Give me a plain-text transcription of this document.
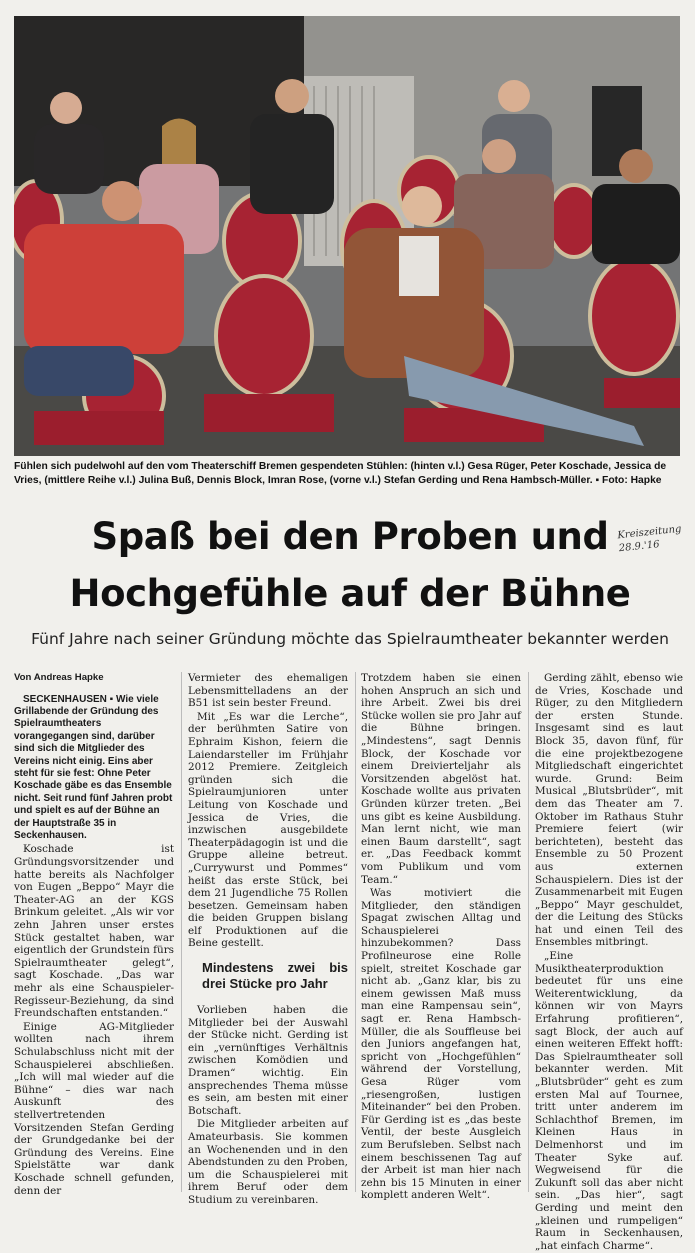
Fühlen sich pudelwohl auf den vom Theaterschiff Bremen gespendeten Stühlen: (hinten v.l.) Gesa Rüger, Peter Koschade, Jessica de Vries, (mittlere Reihe v.l.) Julina Buß, Dennis Block, Imran Rose, (vorne v.l.) Stefan Gerding und Rena Hambsch-Müller. ▪ Foto: Hapke
Spaß bei den Proben und
Hochgefühle auf der Bühne
Kreiszeitung
28.9.'16
Fünf Jahre nach seiner Gründung möchte das Spielraumtheater bekannter werden
Von Andreas Hapke

SECKENHAUSEN ▪ Wie viele Grillabende der Gründung des Spielraumtheaters vorangegangen sind, darüber sind sich die Mitglieder des Vereins nicht einig. Eins aber steht für sie fest: Ohne Peter Koschade gäbe es das Ensemble nicht. Seit rund fünf Jahren probt und spielt es auf der Bühne an der Hauptstraße 35 in Seckenhausen.

Koschade ist Gründungsvorsitzender und hatte bereits als Nachfolger von Eugen „Beppo“ Mayr die Theater-AG an der KGS Brinkum geleitet. „Als wir vor zehn Jahren unser erstes Stück gestaltet haben, war eigentlich der Grundstein fürs Spielraumtheater gelegt“, sagt Koschade. „Das war mehr als eine Schauspieler-Regisseur-Beziehung, da sind Freundschaften entstanden.“

Einige AG-Mitglieder wollten nach ihrem Schulabschluss nicht mit der Schauspielerei abschließen. „Ich will mal wieder auf die Bühne“ – dies war nach Auskunft des stellvertretenden Vorsitzenden Stefan Gerding der Grundgedanke bei der Gründung des Vereins. Eine Spielstätte war dank Koschade schnell gefunden, denn der

Vermieter des ehemaligen Lebensmittelladens an der B51 ist sein bester Freund.

Mit „Es war die Lerche“, der berühmten Satire von Ephraim Kishon, feiern die Laiendarsteller im Frühjahr 2012 Premiere. Zeitgleich gründen sich die Spielraumjunioren unter Leitung von Koschade und Jessica de Vries, die inzwischen ausgebildete Theaterpädagogin ist und die Gruppe alleine betreut. „Currywurst und Pommes“ heißt das erste Stück, bei dem 21 Jugendliche 75 Rollen besetzen. Gemeinsam haben die beiden Gruppen bislang elf Produktionen auf die Beine gestellt.

Mindestens zwei bis drei Stücke pro Jahr

Vorlieben haben die Mitglieder bei der Auswahl der Stücke nicht. Gerding ist ein „vernünftiges Verhältnis zwischen Komödien und Dramen“ wichtig. Ein ansprechendes Thema müsse es sein, am besten mit einer Botschaft.

Die Mitglieder arbeiten auf Amateurbasis. Sie kommen an Wochenenden und in den Abendstunden zu den Proben, um die Schauspielerei mit ihrem Beruf oder dem Studium zu vereinbaren.

Trotzdem haben sie einen hohen Anspruch an sich und ihre Arbeit. Zwei bis drei Stücke wollen sie pro Jahr auf die Bühne bringen. „Mindestens“, sagt Dennis Block, der Koschade vor einem Dreivierteljahr als Vorsitzenden abgelöst hat. Koschade wollte aus privaten Gründen kürzer treten. „Bei uns gibt es keine Ausbildung. Man lernt nicht, wie man einen Baum darstellt“, sagt er. „Das Feedback kommt vom Publikum und vom Team.“

Was motiviert die Mitglieder, den ständigen Spagat zwischen Alltag und Schauspielerei hinzubekommen? Dass Profilneurose eine Rolle spielt, streitet Koschade gar nicht ab. „Ganz klar, bis zu einem gewissen Maß muss man eine Rampensau sein“, sagt er. Rena Hambsch-Müller, die als Souffleuse bei den Juniors angefangen hat, spricht von „Hochgefühlen“ während der Vorstellung, Gesa Rüger vom „riesengroßen, lustigen Miteinander“ bei den Proben. Für Gerding ist es „das beste Ventil, der beste Ausgleich zum Berufsleben. Selbst nach einem beschissenen Tag auf der Arbeit ist man hier nach zehn bis 15 Minuten in einer komplett anderen Welt“.

Gerding zählt, ebenso wie de Vries, Koschade und Rüger, zu den Mitgliedern der ersten Stunde. Insgesamt sind es laut Block 35, davon fünf, für die eine projektbezogene Mitgliedschaft eingerichtet wurde. Grund: Beim Musical „Blutsbrüder“, mit dem das Theater am 7. Oktober im Rathaus Stuhr Premiere feiert (wir berichteten), besteht das Ensemble zu 50 Prozent aus externen Schauspielern. Dies ist der Zusammenarbeit mit Eugen „Beppo“ Mayr geschuldet, der die Leitung des Stücks hat und einen Teil des Ensembles mitbringt.

„Eine Musiktheaterproduktion bedeutet für uns eine Weiterentwicklung, da können wir von Mayrs Erfahrung profitieren“, sagt Block, der auch auf einen weiteren Effekt hofft: Das Spielraumtheater soll bekannter werden. Mit „Blutsbrüder“ geht es zum ersten Mal auf Tournee, tritt unter anderem im Schlachthof Bremen, im Kleinen Haus in Delmenhorst und im Theater Syke auf. Wegweisend für die Zukunft soll das aber nicht sein. „Das hier“, sagt Gerding und meint den „kleinen und rumpeligen“ Raum in Seckenhausen, „hat einfach Charme“.
